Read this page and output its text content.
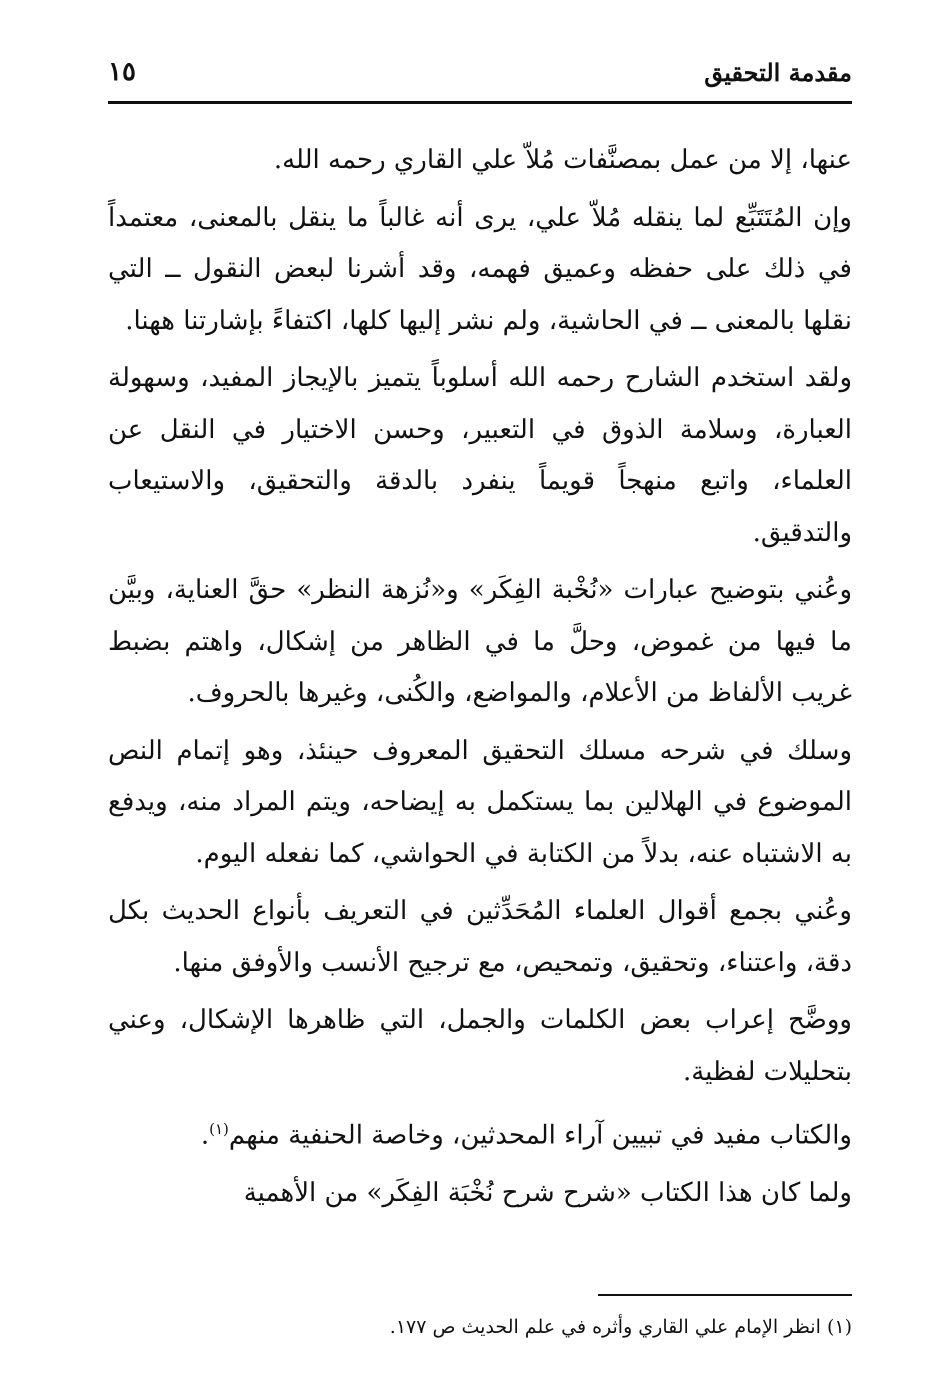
مقدمة التحقيق
١٥

عنها، إلا من عمل بمصنَّفات مُلاّ علي القاري رحمه الله.

وإن المُتَتَبِّع لما ينقله مُلاّ علي، يرى أنه غالباً ما ينقل بالمعنى، معتمداً في ذلك على حفظه وعميق فهمه، وقد أشرنا لبعض النقول ــ التي نقلها بالمعنى ــ في الحاشية، ولم نشر إليها كلها، اكتفاءً بإشارتنا ههنا.

ولقد استخدم الشارح رحمه الله أسلوباً يتميز بالإيجاز المفيد، وسهولة العبارة، وسلامة الذوق في التعبير، وحسن الاختيار في النقل عن العلماء، واتبع منهجاً قويماً ينفرد بالدقة والتحقيق، والاستيعاب والتدقيق.

وعُني بتوضيح عبارات «نُخْبة الفِكَر» و«نُزهة النظر» حقَّ العناية، وبيَّن ما فيها من غموض، وحلَّ ما في الظاهر من إشكال، واهتم بضبط غريب الألفاظ من الأعلام، والمواضع، والكُنى، وغيرها بالحروف.

وسلك في شرحه مسلك التحقيق المعروف حينئذ، وهو إتمام النص الموضوع في الهلالين بما يستكمل به إيضاحه، ويتم المراد منه، ويدفع به الاشتباه عنه، بدلاً من الكتابة في الحواشي، كما نفعله اليوم.

وعُني بجمع أقوال العلماء المُحَدِّثين في التعريف بأنواع الحديث بكل دقة، واعتناء، وتحقيق، وتمحيص، مع ترجيح الأنسب والأوفق منها.

ووضَّح إعراب بعض الكلمات والجمل، التي ظاهرها الإشكال، وعني بتحليلات لفظية.

والكتاب مفيد في تبيين آراء المحدثين، وخاصة الحنفية منهم$^{(١)}$.

ولما كان هذا الكتاب «شرح شرح نُخْبَة الفِكَر» من الأهمية

(١) انظر الإمام علي القاري وأثره في علم الحديث ص ١٧٧.
